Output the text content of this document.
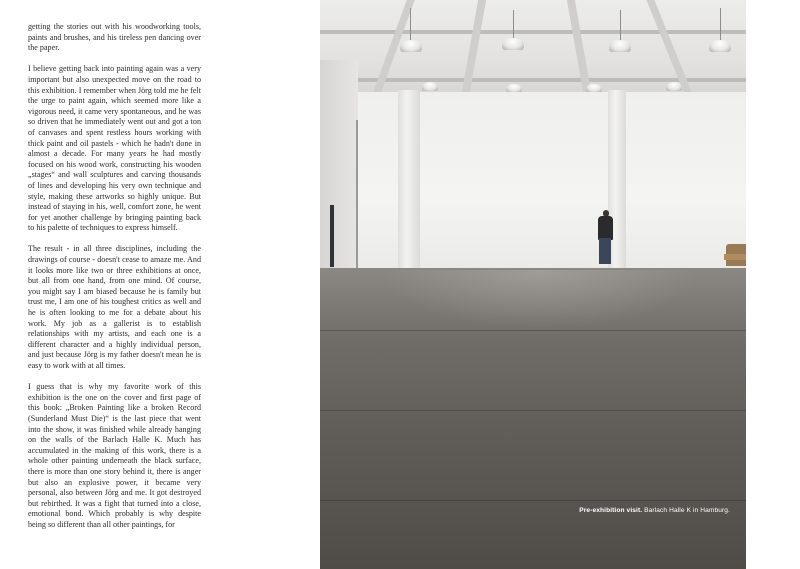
getting the stories out with his woodworking tools, paints and brushes, and his tireless pen dancing over the paper.

I believe getting back into painting again was a very important but also unexpected move on the road to this exhibition. I remember when Jörg told me he felt the urge to paint again, which seemed more like a vigorous need, it came very spontaneous, and he was so driven that he immediately went out and got a ton of canvases and spent restless hours working with thick paint and oil pastels - which he hadn't done in almost a decade. For many years he had mostly focused on his wood work, constructing his wooden „stages“ and wall sculptures and carving thousands of lines and developing his very own technique and style, making these artworks so highly unique. But instead of staying in his, well, comfort zone, he went for yet another challenge by bringing painting back to his palette of techniques to express himself.

The result - in all three disciplines, including the drawings of course - doesn't cease to amaze me. And it looks more like two or three exhibitions at once, but all from one hand, from one mind. Of course, you might say I am biased because he is family but trust me, I am one of his toughest critics as well and he is often looking to me for a debate about his work. My job as a gallerist is to establish relationships with my artists, and each one is a different character and a highly individual person, and just because Jörg is my father doesn't mean he is easy to work with at all times.

I guess that is why my favorite work of this exhibition is the one on the cover and first page of this book: „Broken Painting like a broken Record (Sunderland Must Die)“ is the last piece that went into the show, it was finished while already hanging on the walls of the Barlach Halle K. Much has accumulated in the making of this work, there is a whole other painting underneath the black surface, there is more than one story behind it, there is anger but also an explosive power, it became very personal, also between Jörg and me. It got destroyed but rebirthed. It was a fight that turned into a close, emotional bond. Which probably is why despite being so different than all other paintings, for

Pre-exhibition visit. Barlach Halle K in Hamburg.
